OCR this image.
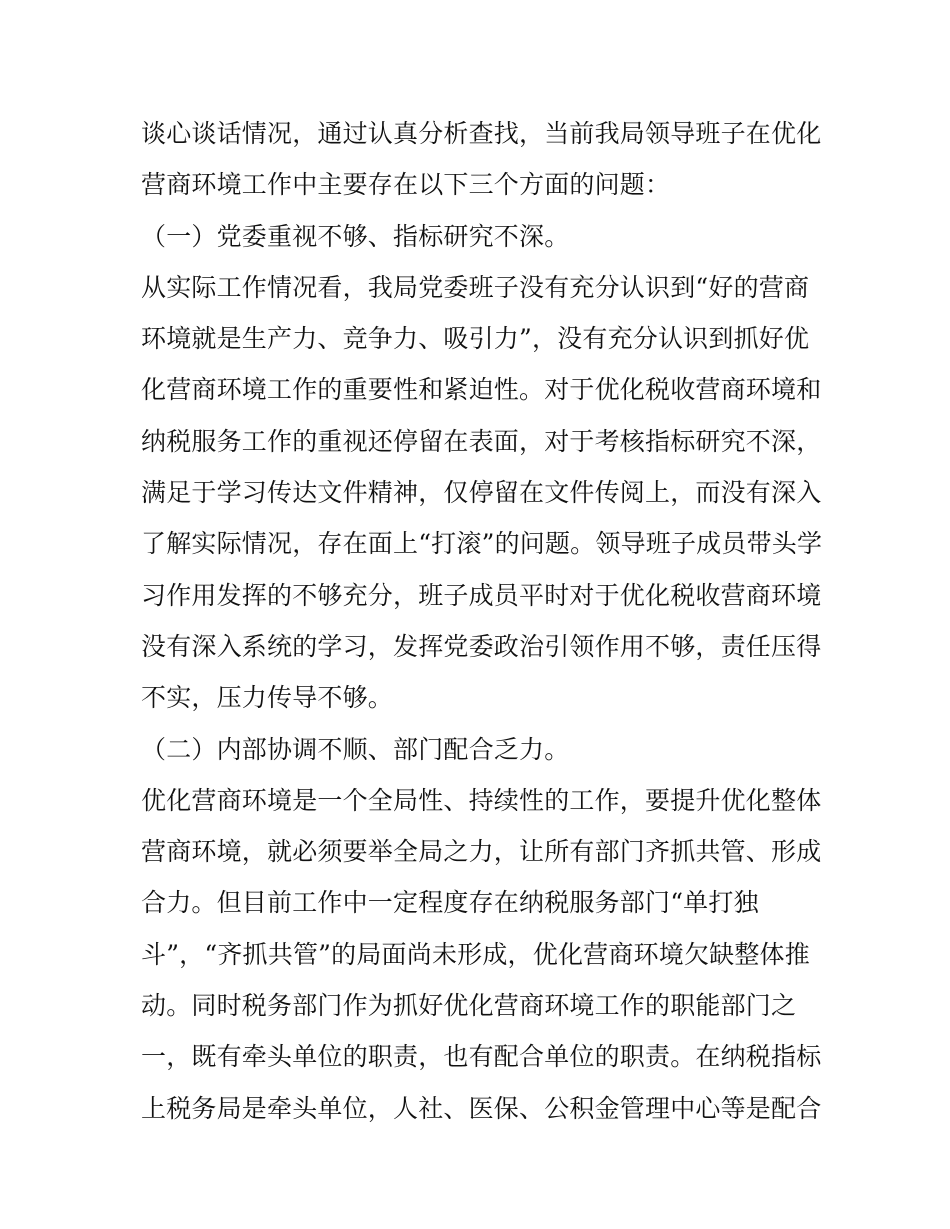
谈心谈话情况，通过认真分析查找，当前我局领导班子在优化
营商环境工作中主要存在以下三个方面的问题：
（一）党委重视不够、指标研究不深。
从实际工作情况看，我局党委班子没有充分认识到“好的营商
环境就是生产力、竞争力、吸引力”，没有充分认识到抓好优
化营商环境工作的重要性和紧迫性。对于优化税收营商环境和
纳税服务工作的重视还停留在表面，对于考核指标研究不深，
满足于学习传达文件精神，仅停留在文件传阅上，而没有深入
了解实际情况，存在面上“打滚”的问题。领导班子成员带头学
习作用发挥的不够充分，班子成员平时对于优化税收营商环境
没有深入系统的学习，发挥党委政治引领作用不够，责任压得
不实，压力传导不够。
（二）内部协调不顺、部门配合乏力。
优化营商环境是一个全局性、持续性的工作，要提升优化整体
营商环境，就必须要举全局之力，让所有部门齐抓共管、形成
合力。但目前工作中一定程度存在纳税服务部门“单打独
斗”，“齐抓共管”的局面尚未形成，优化营商环境欠缺整体推
动。同时税务部门作为抓好优化营商环境工作的职能部门之
一，既有牵头单位的职责，也有配合单位的职责。在纳税指标
上税务局是牵头单位，人社、医保、公积金管理中心等是配合
